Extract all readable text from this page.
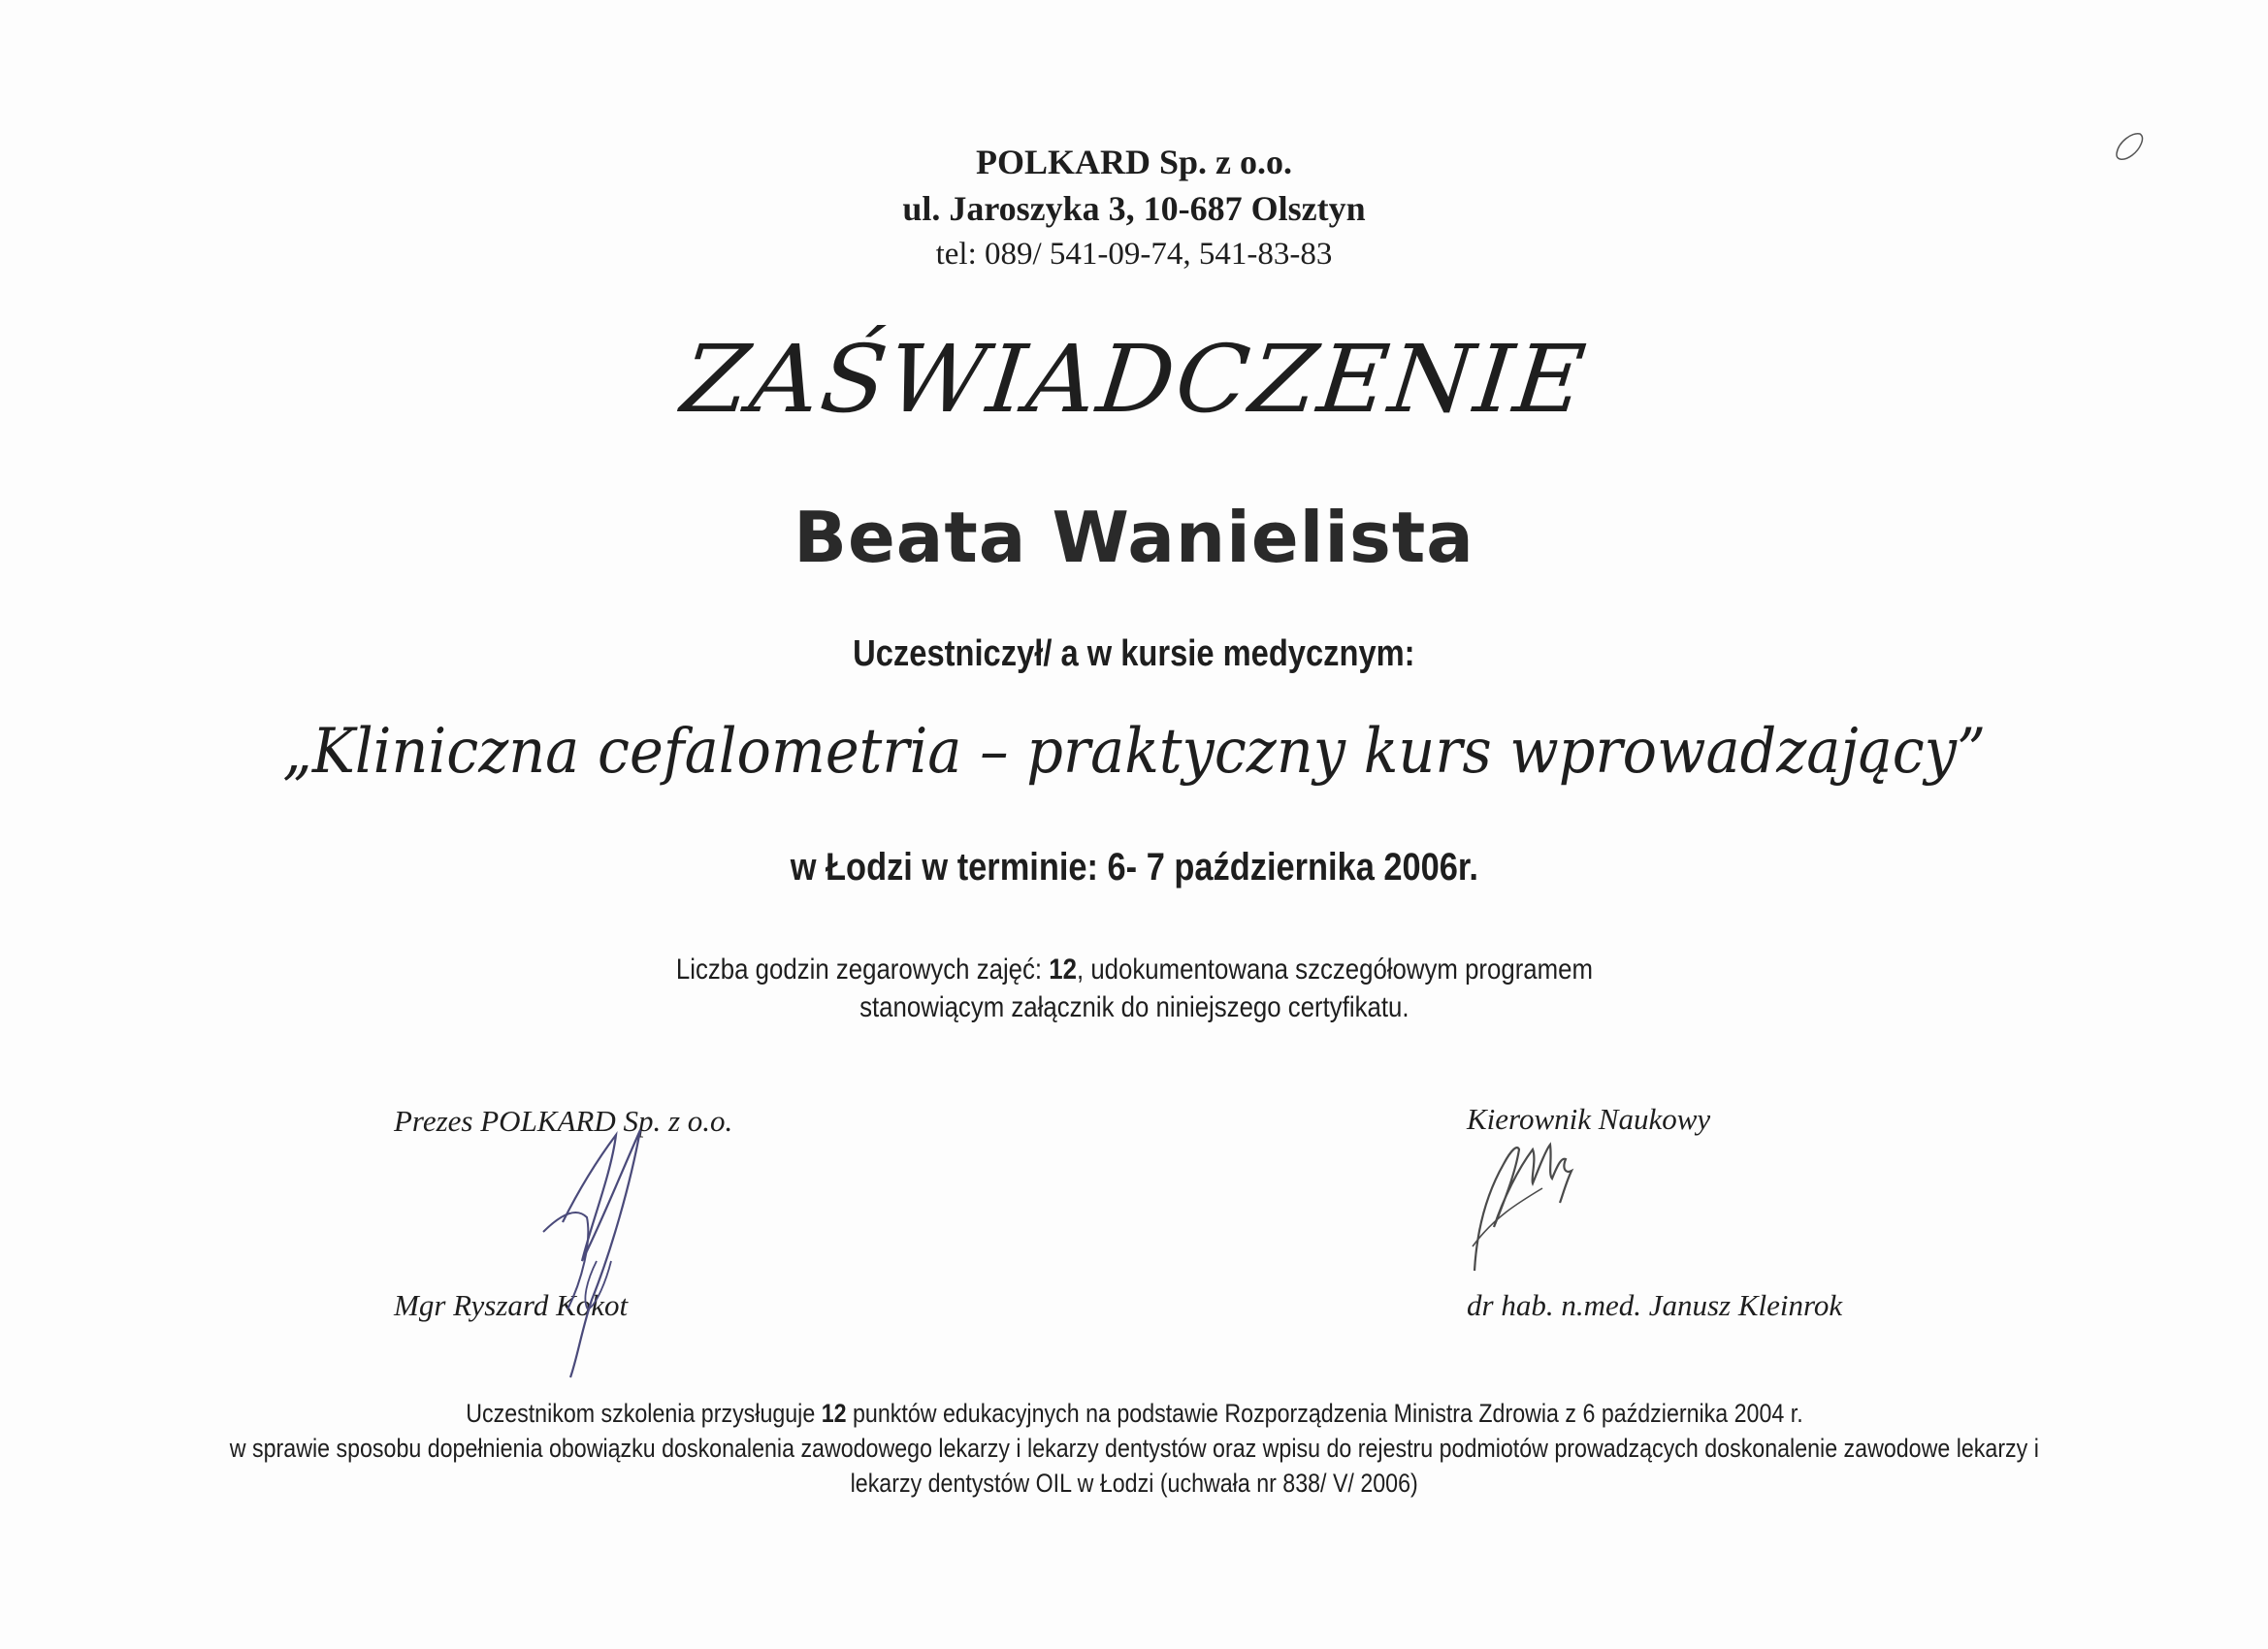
POLKARD Sp. z o.o.
ul. Jaroszyka 3, 10-687 Olsztyn
tel: 089/ 541-09-74, 541-83-83
ZAŚWIADCZENIE
Beata Wanielista
Uczestniczył/ a w kursie medycznym:
„Kliniczna cefalometria – praktyczny kurs wprowadzający”
w Łodzi w terminie: 6- 7 października 2006r.
Liczba godzin zegarowych zajęć: 12, udokumentowana szczegółowym programem
stanowiącym załącznik do niniejszego certyfikatu.
Prezes POLKARD Sp. z o.o.
Mgr Ryszard Kokot
Kierownik Naukowy
dr hab. n.med. Janusz Kleinrok
Uczestnikom szkolenia przysługuje 12 punktów edukacyjnych na podstawie Rozporządzenia Ministra Zdrowia z 6 października 2004 r.
w sprawie sposobu dopełnienia obowiązku doskonalenia zawodowego lekarzy i lekarzy dentystów oraz wpisu do rejestru podmiotów prowadzących doskonalenie zawodowe lekarzy i
lekarzy dentystów OIL w Łodzi (uchwała nr 838/ V/ 2006)
